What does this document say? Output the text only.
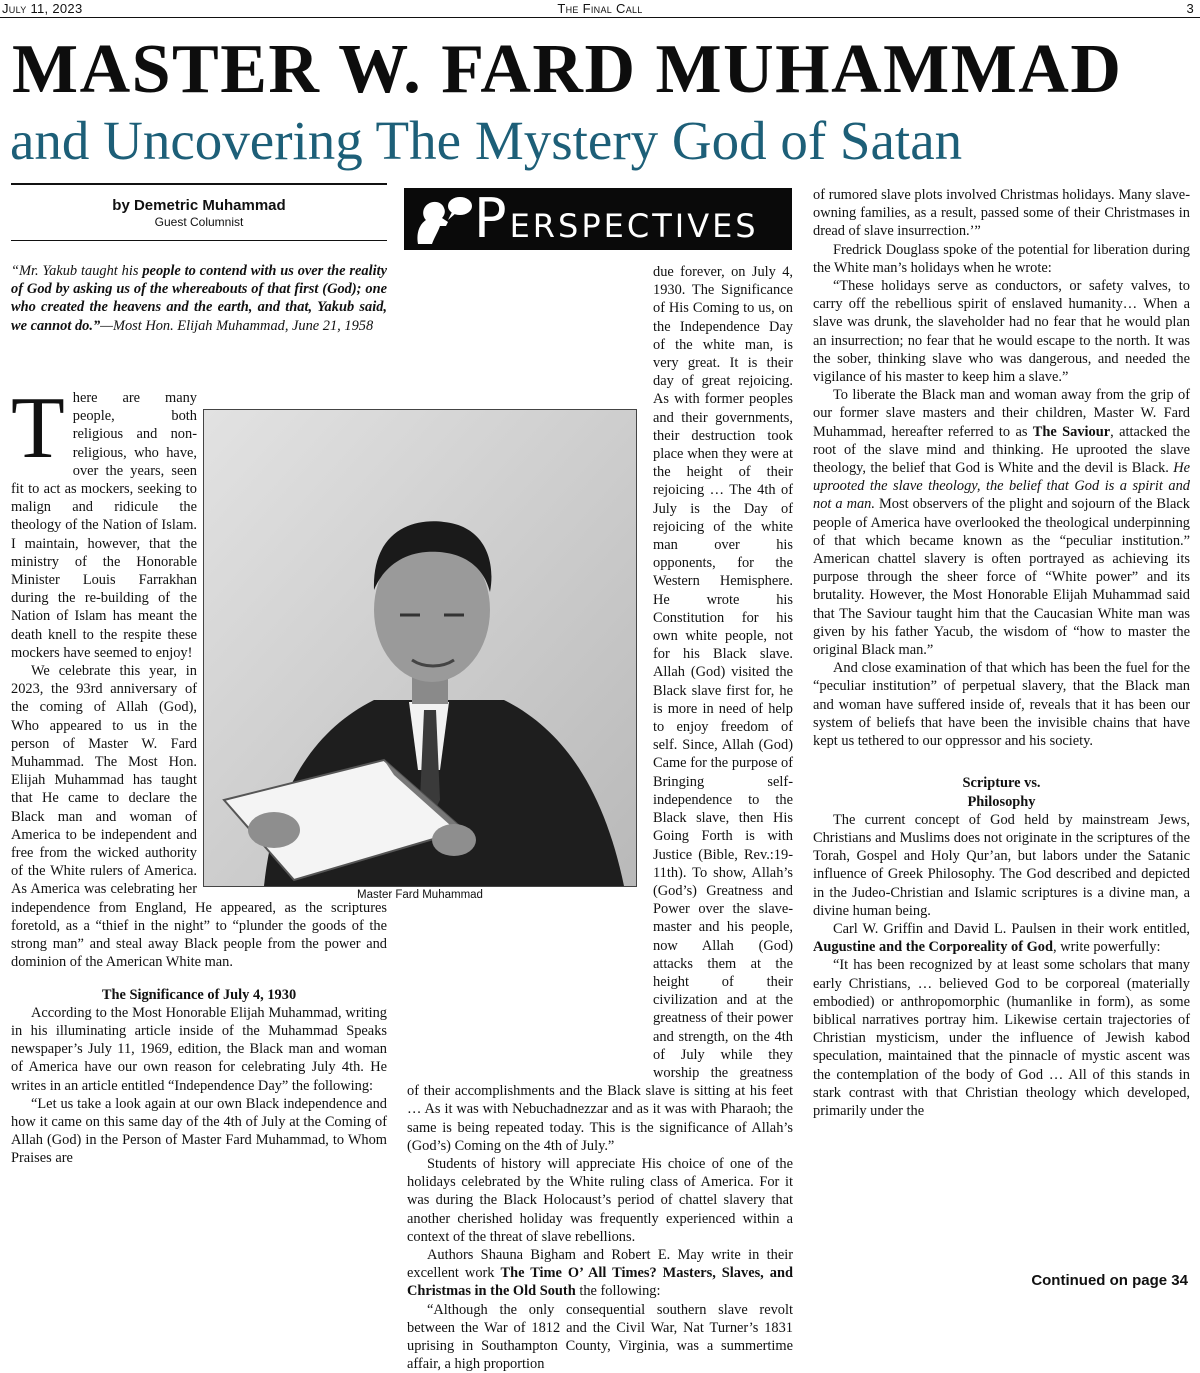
July 11, 2023	The Final Call	3
MASTER W. FARD MUHAMMAD
and Uncovering The Mystery God of Satan
by Demetric Muhammad
Guest Columnist	PERSPECTIVES
“Mr. Yakub taught his people to contend with us over the reality of God by asking us of the whereabouts of that first (God); one who created the heavens and the earth, and that, Yakub said, we cannot do.”—Most Hon. Elijah Muhammad, June 21, 1958

There are many people, both religious and non-religious, who have, over the years, seen fit to act as mockers, seeking to malign and ridicule the theology of the Nation of Islam. I maintain, however, that the ministry of the Honorable Minister Louis Farrakhan during the re-building of the Nation of Islam has meant the death knell to the respite these mockers have seemed to enjoy!

We celebrate this year, in 2023, the 93rd anniversary of the coming of Allah (God), Who appeared to us in the person of Master W. Fard Muhammad. The Most Hon. Elijah Muhammad has taught that He came to declare the Black man and woman of America to be independent and free from the wicked authority of the White rulers of America. As America was celebrating her independence from England, He appeared, as the scriptures foretold, as a “thief in the night” to “plunder the goods of the strong man” and steal away Black people from the power and dominion of the American White man.

The Significance of July 4, 1930

According to the Most Honorable Elijah Muhammad, writing in his illuminating article inside of the Muhammad Speaks newspaper’s July 11, 1969, edition, the Black man and woman of America have our own reason for celebrating July 4th. He writes in an article entitled “Independence Day” the following:

“Let us take a look again at our own Black independence and how it came on this same day of the 4th of July at the Coming of Allah (God) in the Person of Master Fard Muhammad, to Whom Praises are

due forever, on July 4, 1930. The Significance of His Coming to us, on the Independence Day of the white man, is very great. It is their day of great rejoicing. As with former peoples and their governments, their destruction took place when they were at the height of their rejoicing … The 4th of July is the Day of rejoicing of the white man over his opponents, for the Western Hemisphere. He wrote his Constitution for his own white people, not for his Black slave. Allah (God) visited the Black slave first for, he is more in need of help to enjoy freedom of self. Since, Allah (God) Came for the purpose of Bringing self-independence to the Black slave, then His Going Forth is with Justice (Bible, Rev.:19-11th). To show, Allah’s (God’s) Greatness and Power over the slave-master and his people, now Allah (God) attacks them at the height of their civilization and at the greatness of their power and strength, on the 4th of July while they worship the greatness of their accomplishments and the Black slave is sitting at his feet … As it was with Nebuchadnezzar and as it was with Pharaoh; the same is being repeated today. This is the significance of Allah’s (God’s) Coming on the 4th of July.”

Students of history will appreciate His choice of one of the holidays celebrated by the White ruling class of America. For it was during the Black Holocaust’s period of chattel slavery that another cherished holiday was frequently experienced within a context of the threat of slave rebellions.

Authors Shauna Bigham and Robert E. May write in their excellent work The Time O’ All Times? Masters, Slaves, and Christmas in the Old South the following:

“Although the only consequential southern slave revolt between the War of 1812 and the Civil War, Nat Turner’s 1831 uprising in Southampton County, Virginia, was a summertime affair, a high proportion

Master Fard Muhammad

of rumored slave plots involved Christmas holidays. Many slave-owning families, as a result, passed some of their Christmases in dread of slave insurrection.’”

Fredrick Douglass spoke of the potential for liberation during the White man’s holidays when he wrote:

“These holidays serve as conductors, or safety valves, to carry off the rebellious spirit of enslaved humanity… When a slave was drunk, the slaveholder had no fear that he would plan an insurrection; no fear that he would escape to the north. It was the sober, thinking slave who was dangerous, and needed the vigilance of his master to keep him a slave.”

To liberate the Black man and woman away from the grip of our former slave masters and their children, Master W. Fard Muhammad, hereafter referred to as The Saviour, attacked the root of the slave mind and thinking. He uprooted the slave theology, the belief that God is White and the devil is Black. He uprooted the slave theology, the belief that God is a spirit and not a man. Most observers of the plight and sojourn of the Black people of America have overlooked the theological underpinning of that which became known as the “peculiar institution.” American chattel slavery is often portrayed as achieving its purpose through the sheer force of “White power” and its brutality. However, the Most Honorable Elijah Muhammad said that The Saviour taught him that the Caucasian White man was given by his father Yacub, the wisdom of “how to master the original Black man.”

And close examination of that which has been the fuel for the “peculiar institution” of perpetual slavery, that the Black man and woman have suffered inside of, reveals that it has been our system of beliefs that have been the invisible chains that have kept us tethered to our oppressor and his society.

Scripture vs.

Philosophy

The current concept of God held by mainstream Jews, Christians and Muslims does not originate in the scriptures of the Torah, Gospel and Holy Qur’an, but labors under the Satanic influence of Greek Philosophy. The God described and depicted in the Judeo-Christian and Islamic scriptures is a divine man, a divine human being.

Carl W. Griffin and David L. Paulsen in their work entitled, Augustine and the Corporeality of God, write powerfully:

“It has been recognized by at least some scholars that many early Christians, … believed God to be corporeal (materially embodied) or anthropomorphic (humanlike in form), as some biblical narratives portray him. Likewise certain trajectories of Christian mysticism, under the influence of Jewish kabod speculation, maintained that the pinnacle of mystic ascent was the contemplation of the body of God … All of this stands in stark contrast with that Christian theology which developed, primarily under the

Continued on page 34
